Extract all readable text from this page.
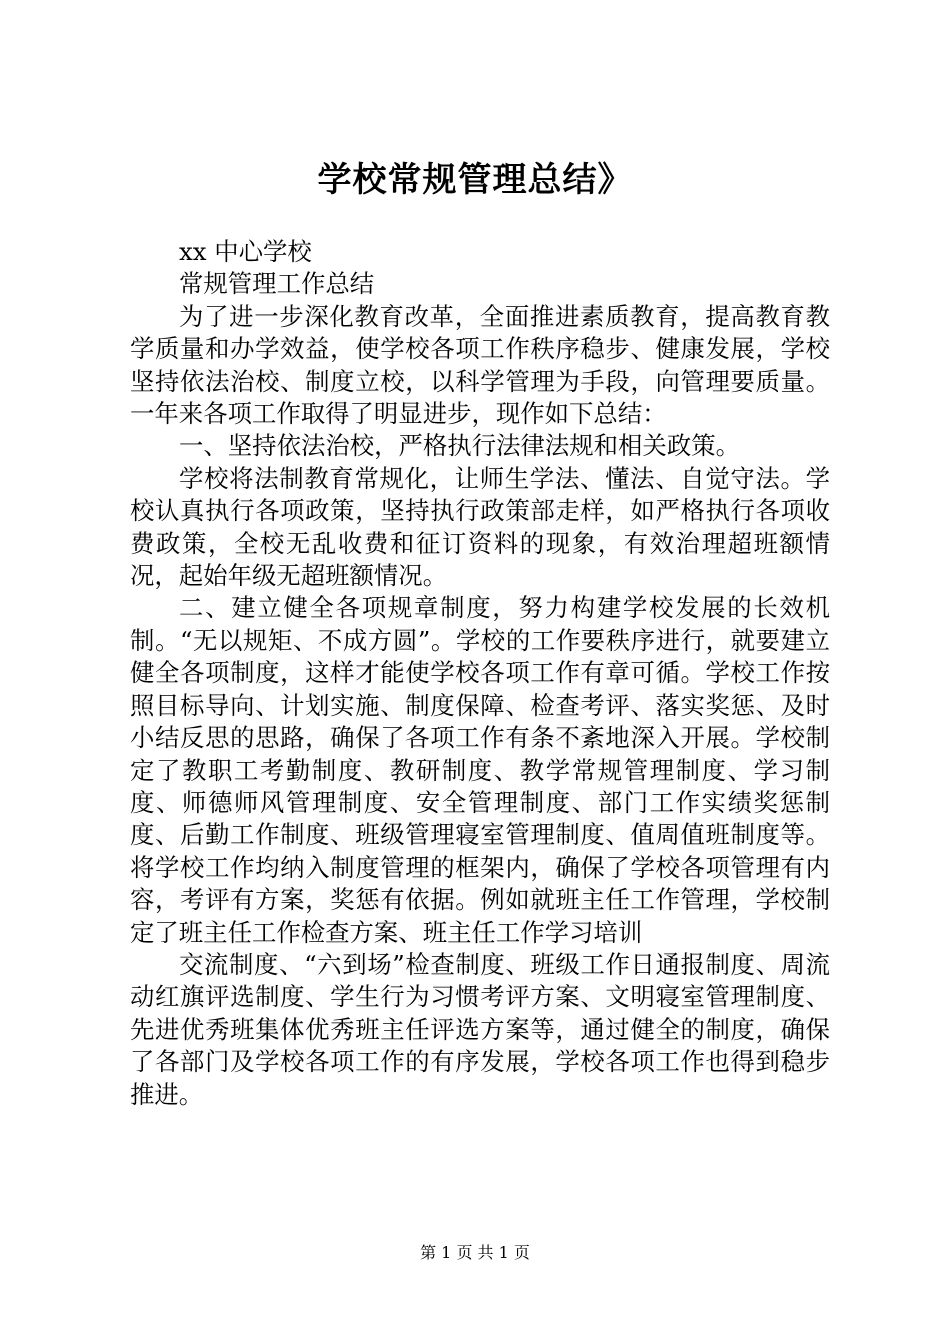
学校常规管理总结》

xx 中心学校

常规管理工作总结

为了进一步深化教育改革，全面推进素质教育，提高教育教学质量和办学效益，使学校各项工作秩序稳步、健康发展，学校坚持依法治校、制度立校，以科学管理为手段，向管理要质量。一年来各项工作取得了明显进步，现作如下总结：

一、坚持依法治校，严格执行法律法规和相关政策。

学校将法制教育常规化，让师生学法、懂法、自觉守法。学校认真执行各项政策，坚持执行政策部走样，如严格执行各项收费政策，全校无乱收费和征订资料的现象，有效治理超班额情况，起始年级无超班额情况。

二、建立健全各项规章制度，努力构建学校发展的长效机制。“无以规矩、不成方圆”。学校的工作要秩序进行，就要建立健全各项制度，这样才能使学校各项工作有章可循。学校工作按照目标导向、计划实施、制度保障、检查考评、落实奖惩、及时小结反思的思路，确保了各项工作有条不紊地深入开展。学校制定了教职工考勤制度、教研制度、教学常规管理制度、学习制度、师德师风管理制度、安全管理制度、部门工作实绩奖惩制度、后勤工作制度、班级管理寝室管理制度、值周值班制度等。将学校工作均纳入制度管理的框架内，确保了学校各项管理有内容，考评有方案，奖惩有依据。例如就班主任工作管理，学校制定了班主任工作检查方案、班主任工作学习培训

交流制度、“六到场”检查制度、班级工作日通报制度、周流动红旗评选制度、学生行为习惯考评方案、文明寝室管理制度、先进优秀班集体优秀班主任评选方案等，通过健全的制度，确保了各部门及学校各项工作的有序发展，学校各项工作也得到稳步推进。

第 1 页 共 1 页
